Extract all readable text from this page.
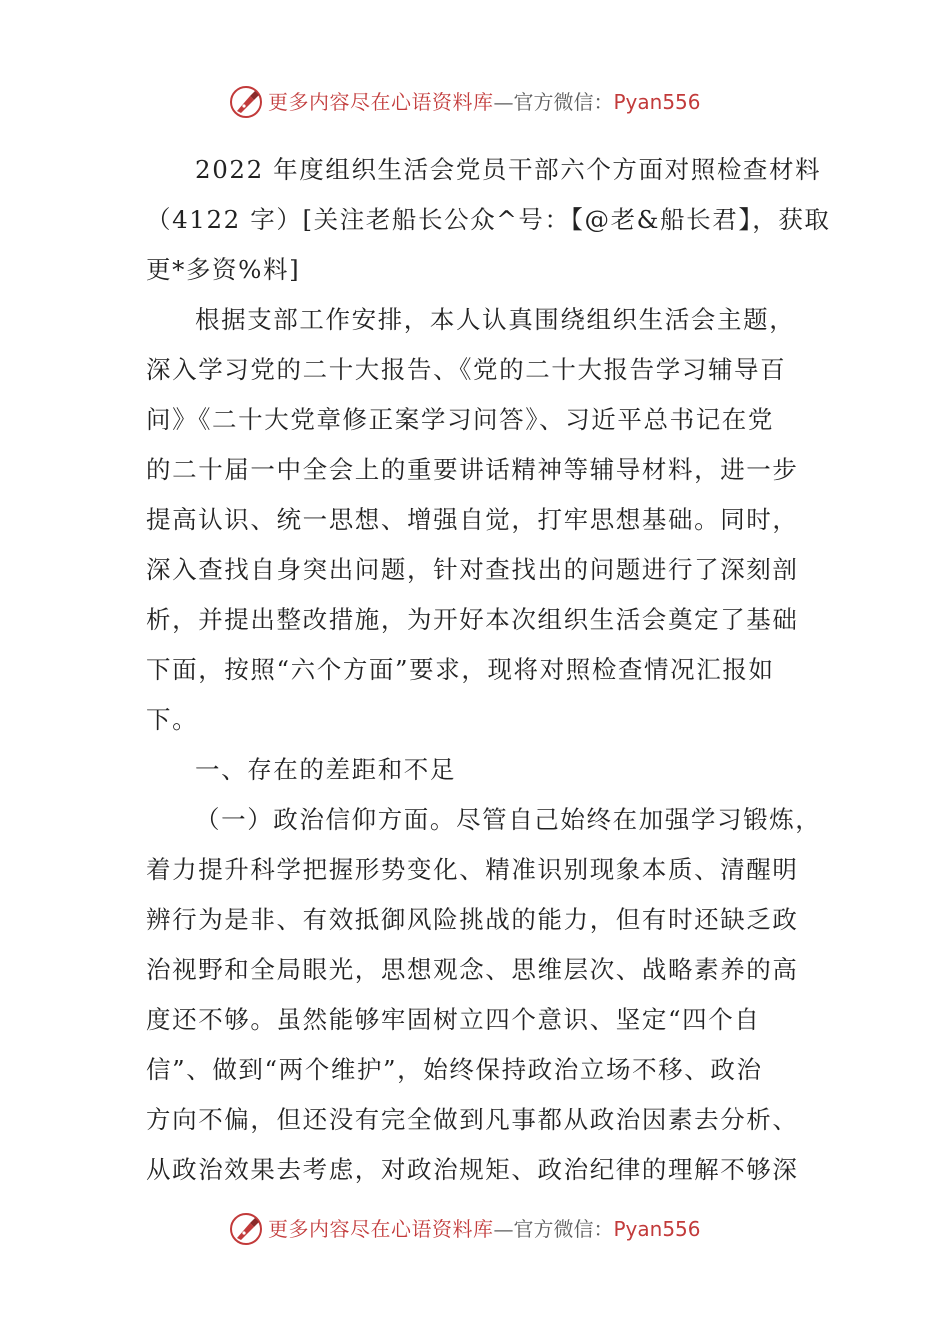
更多内容尽在心语资料库—官方微信：Pyan556
2022 年度组织生活会党员干部六个方面对照检查材料
（4122 字）[关注老船长公众^号：【@老&船长君】，获取
更*多资%料]
根据支部工作安排，本人认真围绕组织生活会主题，
深入学习党的二十大报告、《党的二十大报告学习辅导百
问》《二十大党章修正案学习问答》、习近平总书记在党
的二十届一中全会上的重要讲话精神等辅导材料，进一步
提高认识、统一思想、增强自觉，打牢思想基础。同时，
深入查找自身突出问题，针对查找出的问题进行了深刻剖
析，并提出整改措施，为开好本次组织生活会奠定了基础
下面，按照“六个方面”要求，现将对照检查情况汇报如
下。
一、存在的差距和不足
（一）政治信仰方面。尽管自己始终在加强学习锻炼，
着力提升科学把握形势变化、精准识别现象本质、清醒明
辨行为是非、有效抵御风险挑战的能力，但有时还缺乏政
治视野和全局眼光，思想观念、思维层次、战略素养的高
度还不够。虽然能够牢固树立四个意识、坚定“四个自
信”、做到“两个维护”，始终保持政治立场不移、政治
方向不偏，但还没有完全做到凡事都从政治因素去分析、
从政治效果去考虑，对政治规矩、政治纪律的理解不够深
更多内容尽在心语资料库—官方微信：Pyan556
